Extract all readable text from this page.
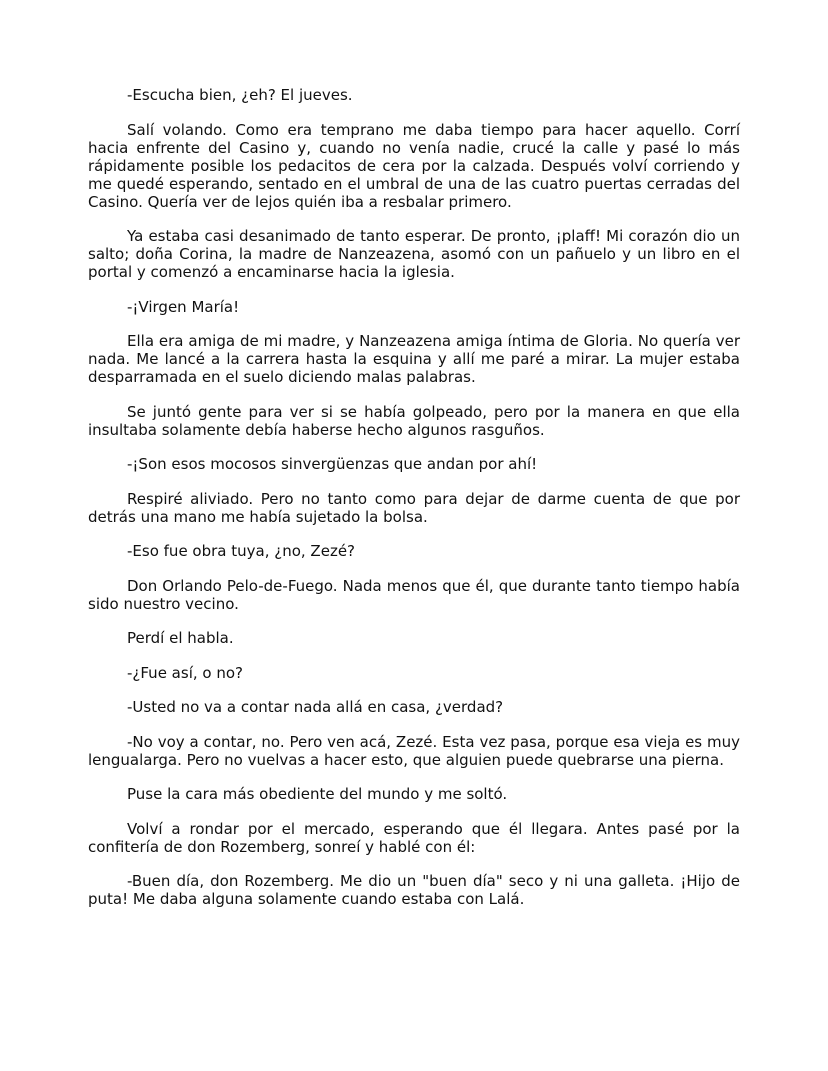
-Escucha bien, ¿eh? El jueves.

Salí volando. Como era temprano me daba tiempo para hacer aquello. Corrí hacia enfrente del Casino y, cuando no venía nadie, crucé la calle y pasé lo más rápidamente posible los pedacitos de cera por la calzada. Después volví corriendo y me quedé esperando, sentado en el umbral de una de las cuatro puertas cerradas del Casino. Quería ver de lejos quién iba a resbalar primero.

Ya estaba casi desanimado de tanto esperar. De pronto, ¡plaff! Mi corazón dio un salto; doña Corina, la madre de Nanzeazena, asomó con un pañuelo y un libro en el portal y comenzó a encaminarse hacia la iglesia.

-¡Virgen María!

Ella era amiga de mi madre, y Nanzeazena amiga íntima de Gloria. No quería ver nada. Me lancé a la carrera hasta la esquina y allí me paré a mirar. La mujer estaba desparramada en el suelo diciendo malas palabras.

Se juntó gente para ver si se había golpeado, pero por la manera en que ella insultaba solamente debía haberse hecho algunos rasguños.

-¡Son esos mocosos sinvergüenzas que andan por ahí!

Respiré aliviado. Pero no tanto como para dejar de darme cuenta de que por detrás una mano me había sujetado la bolsa.

-Eso fue obra tuya, ¿no, Zezé?

Don Orlando Pelo-de-Fuego. Nada menos que él, que durante tanto tiempo había sido nuestro vecino.

Perdí el habla.

-¿Fue así, o no?

-Usted no va a contar nada allá en casa, ¿verdad?

-No voy a contar, no. Pero ven acá, Zezé. Esta vez pasa, porque esa vieja es muy lengualarga. Pero no vuelvas a hacer esto, que alguien puede quebrarse una pierna.

Puse la cara más obediente del mundo y me soltó.

Volví a rondar por el mercado, esperando que él llegara. Antes pasé por la confitería de don Rozemberg, sonreí y hablé con él:

-Buen día, don Rozemberg. Me dio un "buen día" seco y ni una galleta. ¡Hijo de puta! Me daba alguna solamente cuando estaba con Lalá.
